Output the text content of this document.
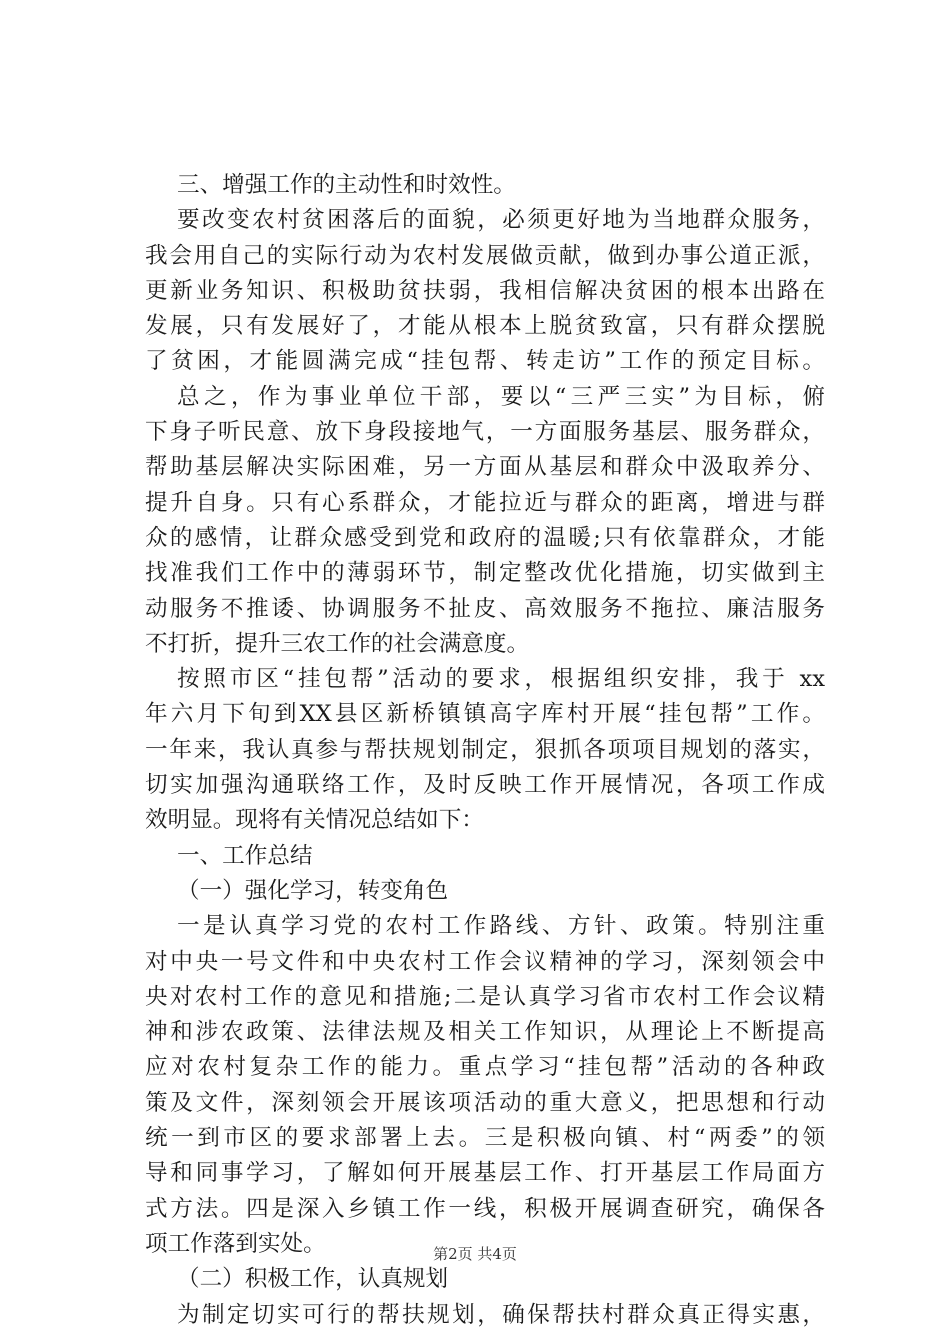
三、增强工作的主动性和时效性。
要改变农村贫困落后的面貌，必须更好地为当地群众服务，
我会用自己的实际行动为农村发展做贡献，做到办事公道正派，
更新业务知识、积极助贫扶弱，我相信解决贫困的根本出路在
发展，只有发展好了，才能从根本上脱贫致富，只有群众摆脱
了贫困，才能圆满完成“挂包帮、转走访”工作的预定目标。
总之，作为事业单位干部，要以“三严三实”为目标，俯
下身子听民意、放下身段接地气，一方面服务基层、服务群众，
帮助基层解决实际困难，另一方面从基层和群众中汲取养分、
提升自身。只有心系群众，才能拉近与群众的距离，增进与群
众的感情，让群众感受到党和政府的温暖;只有依靠群众，才能
找准我们工作中的薄弱环节，制定整改优化措施，切实做到主
动服务不推诿、协调服务不扯皮、高效服务不拖拉、廉洁服务
不打折，提升三农工作的社会满意度。
按照市区“挂包帮”活动的要求，根据组织安排，我于 xx
年六月下旬到XX县区新桥镇镇高字库村开展“挂包帮”工作。
一年来，我认真参与帮扶规划制定，狠抓各项项目规划的落实，
切实加强沟通联络工作，及时反映工作开展情况，各项工作成
效明显。现将有关情况总结如下：
一、工作总结
（一）强化学习，转变角色
一是认真学习党的农村工作路线、方针、政策。特别注重
对中央一号文件和中央农村工作会议精神的学习，深刻领会中
央对农村工作的意见和措施;二是认真学习省市农村工作会议精
神和涉农政策、法律法规及相关工作知识，从理论上不断提高
应对农村复杂工作的能力。重点学习“挂包帮”活动的各种政
策及文件，深刻领会开展该项活动的重大意义，把思想和行动
统一到市区的要求部署上去。三是积极向镇、村“两委”的领
导和同事学习，了解如何开展基层工作、打开基层工作局面方
式方法。四是深入乡镇工作一线，积极开展调查研究，确保各
项工作落到实处。
（二）积极工作，认真规划
为制定切实可行的帮扶规划，确保帮扶村群众真正得实惠，
第2页 共4页
